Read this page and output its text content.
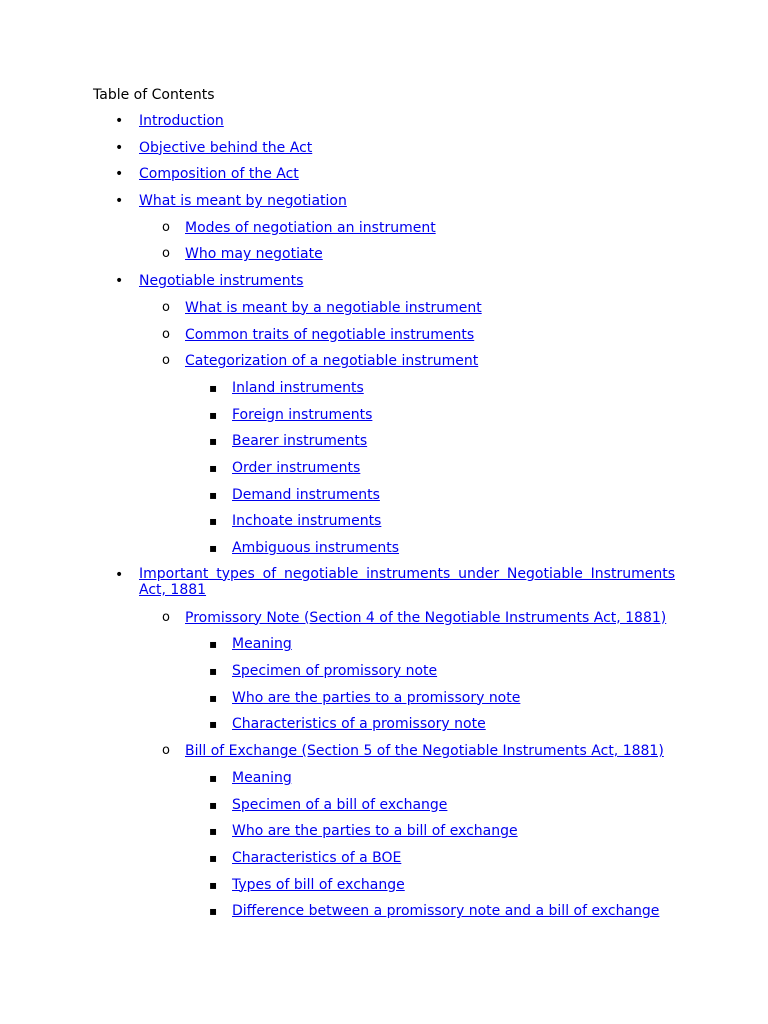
Table of Contents
• Introduction
• Objective behind the Act
• Composition of the Act
• What is meant by negotiation
o Modes of negotiation an instrument
o Who may negotiate
• Negotiable instruments
o What is meant by a negotiable instrument
o Common traits of negotiable instruments
o Categorization of a negotiable instrument
▪ Inland instruments
▪ Foreign instruments
▪ Bearer instruments
▪ Order instruments
▪ Demand instruments
▪ Inchoate instruments
▪ Ambiguous instruments
• Important types of negotiable instruments under Negotiable Instruments Act, 1881
o Promissory Note (Section 4 of the Negotiable Instruments Act, 1881)
▪ Meaning
▪ Specimen of promissory note
▪ Who are the parties to a promissory note
▪ Characteristics of a promissory note
o Bill of Exchange (Section 5 of the Negotiable Instruments Act, 1881)
▪ Meaning
▪ Specimen of a bill of exchange
▪ Who are the parties to a bill of exchange
▪ Characteristics of a BOE
▪ Types of bill of exchange
▪ Difference between a promissory note and a bill of exchange
